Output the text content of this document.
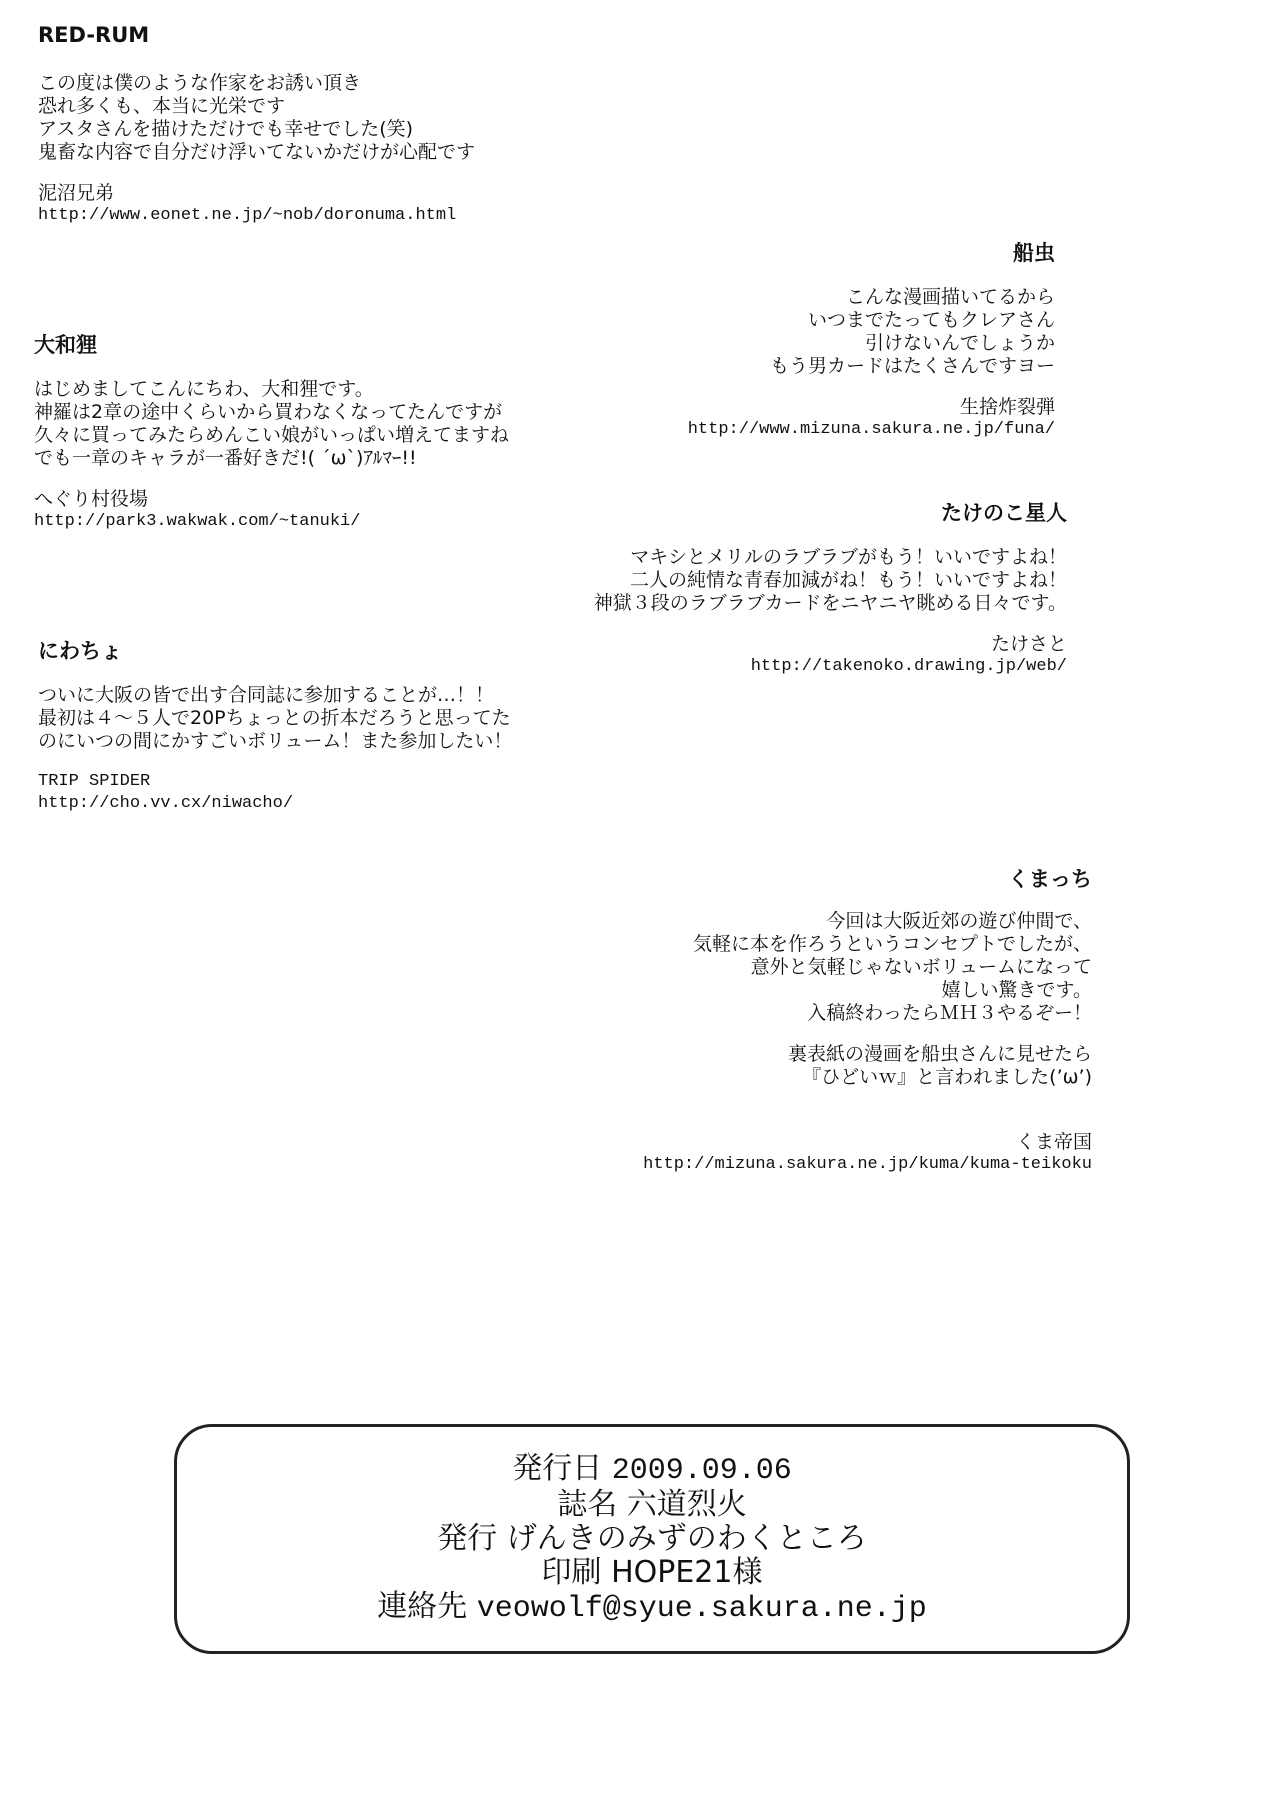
RED-RUM
この度は僕のような作家をお誘い頂き
恐れ多くも、本当に光栄です
アスタさんを描けただけでも幸せでした(笑)
鬼畜な内容で自分だけ浮いてないかだけが心配です
泥沼兄弟
http://www.eonet.ne.jp/~nob/doronuma.html
船虫
こんな漫画描いてるから
いつまでたってもクレアさん
引けないんでしょうか
もう男カードはたくさんですヨー
生捨炸裂弾
http://www.mizuna.sakura.ne.jp/funa/
大和狸
はじめましてこんにちわ、大和狸です。
神羅は2章の途中くらいから買わなくなってたんですが
久々に買ってみたらめんこい娘がいっぱい増えてますね
でも一章のキャラが一番好きだ!( ´ω`)ｱﾙﾏｰ!!
へぐり村役場
http://park3.wakwak.com/~tanuki/	たけのこ星人
マキシとメリルのラブラブがもう！いいですよね！
二人の純情な青春加減がね！もう！いいですよね！
神獄３段のラブラブカードをニヤニヤ眺める日々です。
たけさと
http://takenoko.drawing.jp/web/
にわちょ
ついに大阪の皆で出す合同誌に参加することが…！！
最初は４～５人で20Pちょっとの折本だろうと思ってた
のにいつの間にかすごいボリューム！また参加したい！
TRIP SPIDER
http://cho.vv.cx/niwacho/
くまっち
今回は大阪近郊の遊び仲間で、
気軽に本を作ろうというコンセプトでしたが、
意外と気軽じゃないボリュームになって
嬉しい驚きです。
入稿終わったらＭＨ３やるぞー！
裏表紙の漫画を船虫さんに見せたら
『ひどいｗ』と言われました(’ω’)
くま帝国
http://mizuna.sakura.ne.jp/kuma/kuma-teikoku
発行日 2009.09.06
誌名 六道烈火
発行 げんきのみずのわくところ
印刷 HOPE21様
連絡先 veowolf@syue.sakura.ne.jp
